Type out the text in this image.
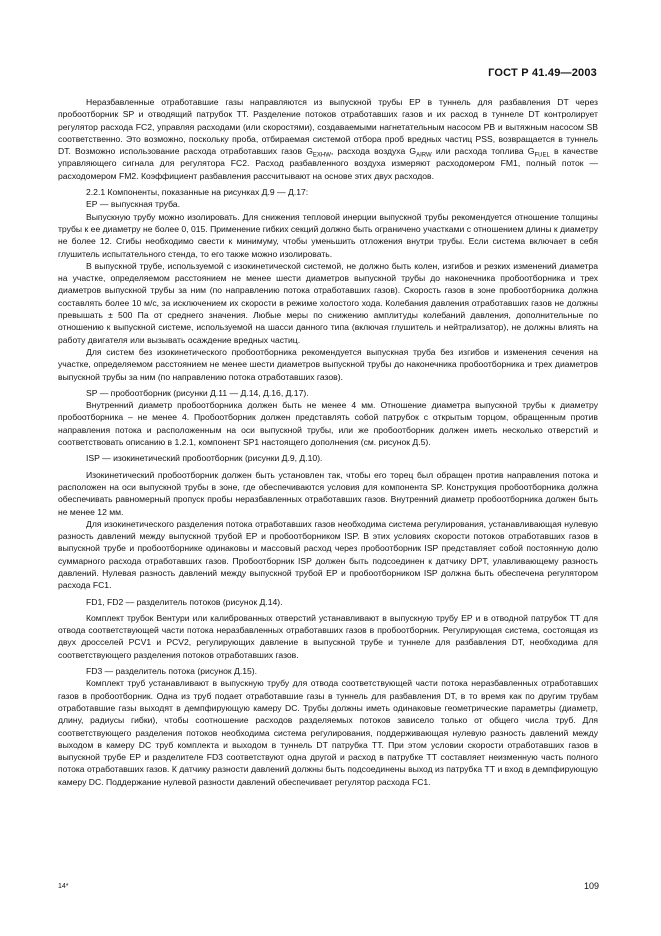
ГОСТ Р 41.49—2003

Неразбавленные отработавшие газы направляются из выпускной трубы ЕР в туннель для разбавления DT через пробоотборник SP и отводящий патрубок ТТ. Разделение потоков отработавших газов и их расход в туннеле DT контролирует регулятор расхода FC2, управляя расходами (или скоростями), создаваемыми нагнетательным насосом РВ и вытяжным насосом SB соответственно. Это возможно, поскольку проба, отбираемая системой отбора проб вредных частиц PSS, возвращается в туннель DT. Возможно использование расхода отработавших газов $G_{EXHW}$, расхода воздуха $G_{AIRW}$ или расхода топлива $G_{FUEL}$ в качестве управляющего сигнала для регулятора FC2. Расход разбавленного воздуха измеряют расходомером FM1, полный поток — расходомером FM2. Коэффициент разбавления рассчитывают на основе этих двух расходов.

2.2.1 Компоненты, показанные на рисунках Д.9 — Д.17:

ЕР — выпускная труба.

Выпускную трубу можно изолировать. Для снижения тепловой инерции выпускной трубы рекомендуется отношение толщины трубы к ее диаметру не более 0, 015. Применение гибких секций должно быть ограничено участками с отношением длины к диаметру не более 12. Сгибы необходимо свести к минимуму, чтобы уменьшить отложения внутри трубы. Если система включает в себя глушитель испытательного стенда, то его также можно изолировать.

В выпускной трубе, используемой с изокинетической системой, не должно быть колен, изгибов и резких изменений диаметра на участке, определяемом расстоянием не менее шести диаметров выпускной трубы до наконечника пробоотборника и трех диаметров выпускной трубы за ним (по направлению потока отработавших газов). Скорость газов в зоне пробоотборника должна составлять более 10 м/с, за исключением их скорости в режиме холостого хода. Колебания давления отработавших газов не должны превышать ± 500 Па от среднего значения. Любые меры по снижению амплитуды колебаний давления, дополнительные по отношению к выпускной системе, используемой на шасси данного типа (включая глушитель и нейтрализатор), не должны влиять на работу двигателя или вызывать осаждение вредных частиц.

Для систем без изокинетического пробоотборника рекомендуется выпускная труба без изгибов и изменения сечения на участке, определяемом расстоянием не менее шести диаметров выпускной трубы до наконечника пробоотборника и трех диаметров выпускной трубы за ним (по направлению потока отработавших газов).

SP — пробоотборник (рисунки Д.11 — Д.14, Д.16, Д.17).

Внутренний диаметр пробоотборника должен быть не менее 4 мм. Отношение диаметра выпускной трубы к диаметру пробоотборника – не менее 4. Пробоотборник должен представлять собой патрубок с открытым торцом, обращенным против направления потока и расположенным на оси выпускной трубы, или же пробоотборник должен иметь несколько отверстий и соответствовать описанию в 1.2.1, компонент SP1 настоящего дополнения (см. рисунок Д.5).

ISP — изокинетический пробоотборник (рисунки Д.9, Д.10).

Изокинетический пробоотборник должен быть установлен так, чтобы его торец был обращен против направления потока и расположен на оси выпускной трубы в зоне, где обеспечиваются условия для компонента SP. Конструкция пробоотборника должна обеспечивать равномерный пропуск пробы неразбавленных отработавших газов. Внутренний диаметр пробоотборника должен быть не менее 12 мм.

Для изокинетического разделения потока отработавших газов необходима система регулирования, устанавливающая нулевую разность давлений между выпускной трубой ЕР и пробоотборником ISP. В этих условиях скорости потоков отработавших газов в выпускной трубе и пробоотборнике одинаковы и массовый расход через пробоотборник ISP представляет собой постоянную долю суммарного расхода отработавших газов. Пробоотборник ISP должен быть подсоединен к датчику DPT, улавливающему разность давлений. Нулевая разность давлений между выпускной трубой ЕР и пробоотборником ISP должна быть обеспечена регулятором расхода FC1.

FD1, FD2 — разделитель потоков (рисунок Д.14).

Комплект трубок Вентури или калиброванных отверстий устанавливают в выпускную трубу ЕР и в отводной патрубок ТТ для отвода соответствующей части потока неразбавленных отработавших газов в пробоотборник. Регулирующая система, состоящая из двух дросселей PCV1 и PCV2, регулирующих давление в выпускной трубе и туннеле для разбавления DT, необходима для соответствующего разделения потоков отработавших газов.

FD3 — разделитель потока (рисунок Д.15).

Комплект труб устанавливают в выпускную трубу для отвода соответствующей части потока неразбавленных отработавших газов в пробоотборник. Одна из труб подает отработавшие газы в туннель для разбавления DT, в то время как по другим трубам отработавшие газы выходят в демпфирующую камеру DC. Трубы должны иметь одинаковые геометрические параметры (диаметр, длину, радиусы гибки), чтобы соотношение расходов разделяемых потоков зависело только от общего числа труб. Для соответствующего разделения потоков необходима система регулирования, поддерживающая нулевую разность давлений между выходом в камеру DC труб комплекта и выходом в туннель DT патрубка ТТ. При этом условии скорости отработавших газов в выпускной трубе ЕР и разделителе FD3 соответствуют одна другой и расход в патрубке ТТ составляет неизменную часть полного потока отработавших газов. К датчику разности давлений должны быть подсоединены выход из патрубка ТТ и вход в демпфирующую камеру DC. Поддержание нулевой разности давлений обеспечивает регулятор расхода FC1.

14*	109
